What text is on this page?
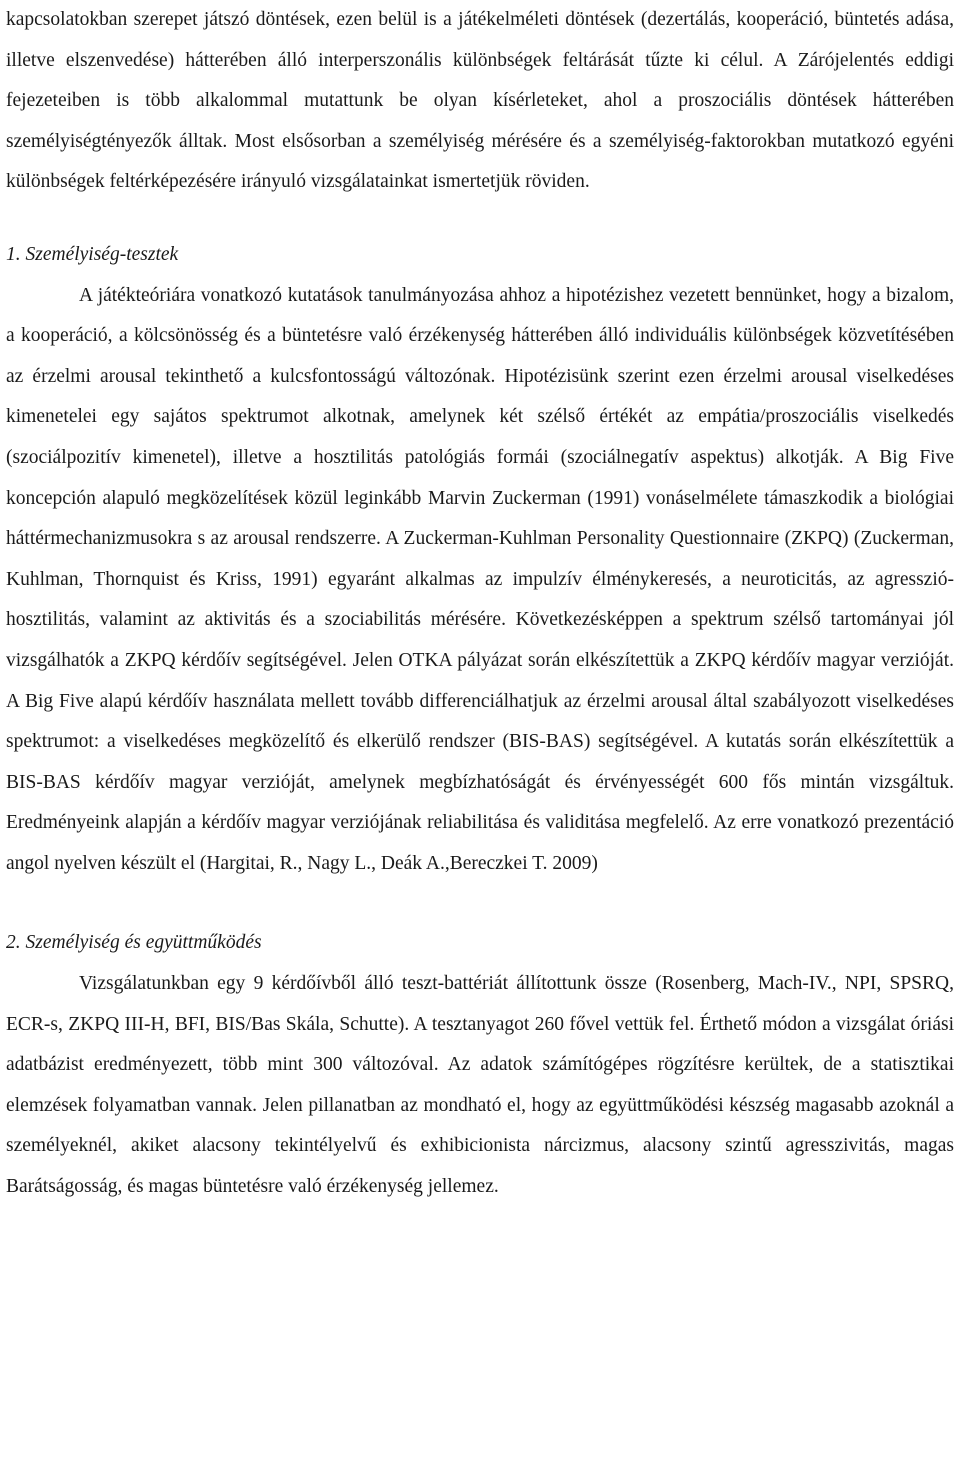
kapcsolatokban szerepet játszó döntések, ezen belül is a játékelméleti döntések (dezertálás, kooperáció, büntetés adása, illetve elszenvedése) hátterében álló interperszonális különbségek feltárását tűzte ki célul. A Zárójelentés eddigi fejezeteiben is több alkalommal mutattunk be olyan kísérleteket, ahol a proszociális döntések hátterében személyiségtényezők álltak. Most elsősorban a személyiség mérésére és a személyiség-faktorokban mutatkozó egyéni különbségek feltérképezésére irányuló vizsgálatainkat ismertetjük röviden.

1. Személyiség-tesztek

A játékteóriára vonatkozó kutatások tanulmányozása ahhoz a hipotézishez vezetett bennünket, hogy a bizalom, a kooperáció, a kölcsönösség és a büntetésre való érzékenység hátterében álló individuális különbségek közvetítésében az érzelmi arousal tekinthető a kulcsfontosságú változónak. Hipotézisünk szerint ezen érzelmi arousal viselkedéses kimenetelei egy sajátos spektrumot alkotnak, amelynek két szélső értékét az empátia/proszociális viselkedés (szociálpozitív kimenetel), illetve a hosztilitás patológiás formái (szociálnegatív aspektus) alkotják. A Big Five koncepción alapuló megközelítések közül leginkább Marvin Zuckerman (1991) vonáselmélete támaszkodik a biológiai háttérmechanizmusokra s az arousal rendszerre. A Zuckerman-Kuhlman Personality Questionnaire (ZKPQ) (Zuckerman, Kuhlman, Thornquist és Kriss, 1991) egyaránt alkalmas az impulzív élménykeresés, a neuroticitás, az agresszió-hosztilitás, valamint az aktivitás és a szociabilitás mérésére. Következésképpen a spektrum szélső tartományai jól vizsgálhatók a ZKPQ kérdőív segítségével. Jelen OTKA pályázat során elkészítettük a ZKPQ kérdőív magyar verzióját. A Big Five alapú kérdőív használata mellett tovább differenciálhatjuk az érzelmi arousal által szabályozott viselkedéses spektrumot: a viselkedéses megközelítő és elkerülő rendszer (BIS-BAS) segítségével. A kutatás során elkészítettük a BIS-BAS kérdőív magyar verzióját, amelynek megbízhatóságát és érvényességét 600 fős mintán vizsgáltuk. Eredményeink alapján a kérdőív magyar verziójának reliabilitása és validitása megfelelő. Az erre vonatkozó prezentáció angol nyelven készült el (Hargitai, R., Nagy L., Deák A.,Bereczkei T. 2009)

2. Személyiség és együttműködés

Vizsgálatunkban egy 9 kérdőívből álló teszt-battériát állítottunk össze (Rosenberg, Mach-IV., NPI, SPSRQ, ECR-s, ZKPQ III-H, BFI, BIS/Bas Skála, Schutte). A tesztanyagot 260 fővel vettük fel. Érthető módon a vizsgálat óriási adatbázist eredményezett, több mint 300 változóval. Az adatok számítógépes rögzítésre kerültek, de a statisztikai elemzések folyamatban vannak. Jelen pillanatban az mondható el, hogy az együttműködési készség magasabb azoknál a személyeknél, akiket alacsony tekintélyelvű és exhibicionista nárcizmus, alacsony szintű agresszivitás, magas Barátságosság, és magas büntetésre való érzékenység jellemez.
